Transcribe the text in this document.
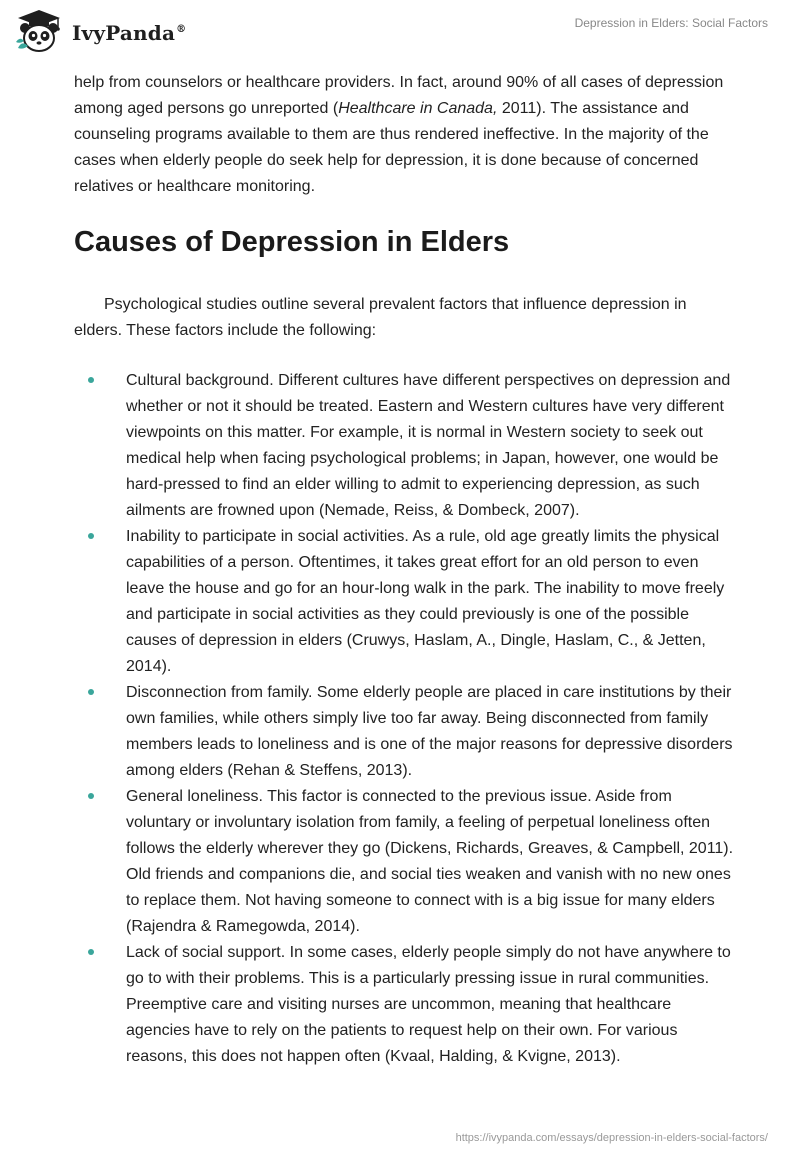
IvyPanda®	Depression in Elders: Social Factors

help from counselors or healthcare providers. In fact, around 90% of all cases of depression among aged persons go unreported (Healthcare in Canada, 2011). The assistance and counseling programs available to them are thus rendered ineffective. In the majority of the cases when elderly people do seek help for depression, it is done because of concerned relatives or healthcare monitoring.

Causes of Depression in Elders

Psychological studies outline several prevalent factors that influence depression in elders. These factors include the following:

Cultural background. Different cultures have different perspectives on depression and whether or not it should be treated. Eastern and Western cultures have very different viewpoints on this matter. For example, it is normal in Western society to seek out medical help when facing psychological problems; in Japan, however, one would be hard-pressed to find an elder willing to admit to experiencing depression, as such ailments are frowned upon (Nemade, Reiss, & Dombeck, 2007).
Inability to participate in social activities. As a rule, old age greatly limits the physical capabilities of a person. Oftentimes, it takes great effort for an old person to even leave the house and go for an hour-long walk in the park. The inability to move freely and participate in social activities as they could previously is one of the possible causes of depression in elders (Cruwys, Haslam, A., Dingle, Haslam, C., & Jetten, 2014).
Disconnection from family. Some elderly people are placed in care institutions by their own families, while others simply live too far away. Being disconnected from family members leads to loneliness and is one of the major reasons for depressive disorders among elders (Rehan & Steffens, 2013).
General loneliness. This factor is connected to the previous issue. Aside from voluntary or involuntary isolation from family, a feeling of perpetual loneliness often follows the elderly wherever they go (Dickens, Richards, Greaves, & Campbell, 2011). Old friends and companions die, and social ties weaken and vanish with no new ones to replace them. Not having someone to connect with is a big issue for many elders (Rajendra & Ramegowda, 2014).
Lack of social support. In some cases, elderly people simply do not have anywhere to go to with their problems. This is a particularly pressing issue in rural communities. Preemptive care and visiting nurses are uncommon, meaning that healthcare agencies have to rely on the patients to request help on their own. For various reasons, this does not happen often (Kvaal, Halding, & Kvigne, 2013).
https://ivypanda.com/essays/depression-in-elders-social-factors/
